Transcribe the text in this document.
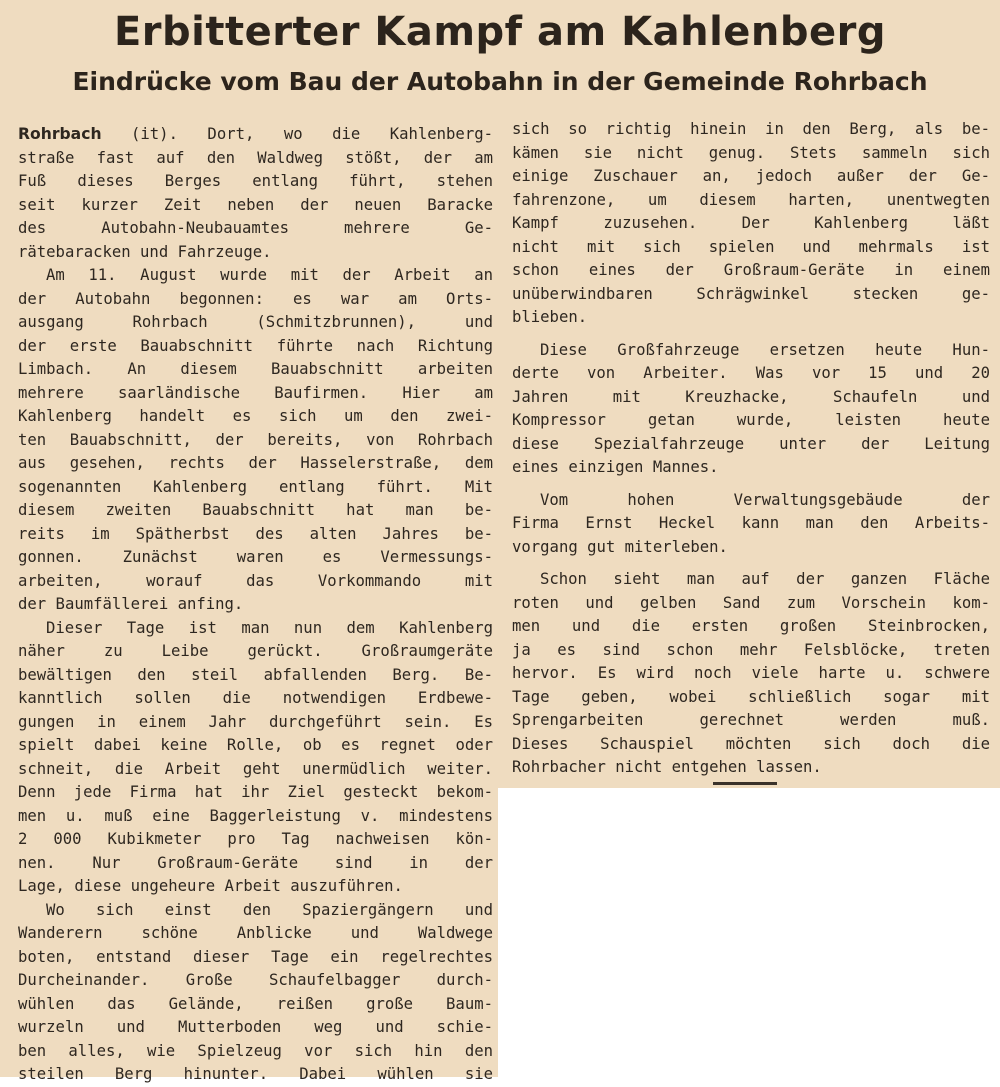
Erbitterter Kampf am Kahlenberg
Eindrücke vom Bau der Autobahn in der Gemeinde Rohrbach
Rohrbach (it). Dort, wo die Kahlenberg-
straße fast auf den Waldweg stößt, der am
Fuß dieses Berges entlang führt, stehen
seit kurzer Zeit neben der neuen Baracke
des Autobahn-Neubauamtes mehrere Ge-
rätebaracken und Fahrzeuge.
Am 11. August wurde mit der Arbeit an
der Autobahn begonnen: es war am Orts-
ausgang Rohrbach (Schmitzbrunnen), und
der erste Bauabschnitt führte nach Richtung
Limbach. An diesem Bauabschnitt arbeiten
mehrere saarländische Baufirmen. Hier am
Kahlenberg handelt es sich um den zwei-
ten Bauabschnitt, der bereits, von Rohrbach
aus gesehen, rechts der Hasselerstraße, dem
sogenannten Kahlenberg entlang führt. Mit
diesem zweiten Bauabschnitt hat man be-
reits im Spätherbst des alten Jahres be-
gonnen. Zunächst waren es Vermessungs-
arbeiten, worauf das Vorkommando mit
der Baumfällerei anfing.
Dieser Tage ist man nun dem Kahlenberg
näher zu Leibe gerückt. Großraumgeräte
bewältigen den steil abfallenden Berg. Be-
kanntlich sollen die notwendigen Erdbewe-
gungen in einem Jahr durchgeführt sein. Es
spielt dabei keine Rolle, ob es regnet oder
schneit, die Arbeit geht unermüdlich weiter.
Denn jede Firma hat ihr Ziel gesteckt bekom-
men u. muß eine Baggerleistung v. mindestens
2 000 Kubikmeter pro Tag nachweisen kön-
nen. Nur Großraum-Geräte sind in der
Lage, diese ungeheure Arbeit auszuführen.
Wo sich einst den Spaziergängern und
Wanderern schöne Anblicke und Waldwege
boten, entstand dieser Tage ein regelrechtes
Durcheinander. Große Schaufelbagger durch-
wühlen das Gelände, reißen große Baum-
wurzeln und Mutterboden weg und schie-
ben alles, wie Spielzeug vor sich hin den
steilen Berg hinunter. Dabei wühlen sie
sich so richtig hinein in den Berg, als be-
kämen sie nicht genug. Stets sammeln sich
einige Zuschauer an, jedoch außer der Ge-
fahrenzone, um diesem harten, unentwegten
Kampf zuzusehen. Der Kahlenberg läßt
nicht mit sich spielen und mehrmals ist
schon eines der Großraum-Geräte in einem
unüberwindbaren Schrägwinkel stecken ge-
blieben.
Diese Großfahrzeuge ersetzen heute Hun-
derte von Arbeiter. Was vor 15 und 20
Jahren mit Kreuzhacke, Schaufeln und
Kompressor getan wurde, leisten heute
diese Spezialfahrzeuge unter der Leitung
eines einzigen Mannes.
Vom hohen Verwaltungsgebäude der
Firma Ernst Heckel kann man den Arbeits-
vorgang gut miterleben.
Schon sieht man auf der ganzen Fläche
roten und gelben Sand zum Vorschein kom-
men und die ersten großen Steinbrocken,
ja es sind schon mehr Felsblöcke, treten
hervor. Es wird noch viele harte u. schwere
Tage geben, wobei schließlich sogar mit
Sprengarbeiten gerechnet werden muß.
Dieses Schauspiel möchten sich doch die
Rohrbacher nicht entgehen lassen.
